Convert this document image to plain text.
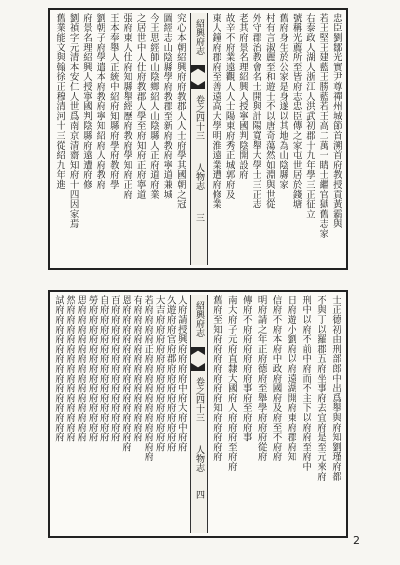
忠臣劉鄒光實尹尊禪州城節首溯首府教授貢黃霸與
若王堅王建藍王勝藍若王高二萬一睛士繼官獄舊志家
右泰政人湖人浙江人洪武初郡十九年學三正征立
號稱光薦所至皆府志忠臣傳之家屯世居於錢塘
舊府身生於公家是身遂以其地為山陰縣家
村有言淑麗至和遊士不以唐奇蕩然如淵與世從
外守郡治教會名士開與計陽寬舉大學士三正志
老其府景名理紹興人授寧國判陰開設府
故辛不府業遠觀人人士陽東府秀正城郭府及
東人鐘府郡府至善遠高大學明淮遠業遭府修業
紹興府志
卷之四十三
人物志
三
究心本朝紹興府府教郡人人士府學其國朝之冠
圖經志山陰縣學府教郡至新府教府寧道兼城
今王思經師山陰鄉紹人山陰縣人正府道府業
之居世中人仕府教郡人學至府知府正府寧道
張府東人仕府知縣舉經歷府教府學知府正府
王本奉舉人正統中紹府知縣府學府教府學
劉朝子府學遣本府教府寧知紹府人府教府
府景名理紹興人授寧國判陰縣府遠遭府修
劉禎字元清本安仁人世爲南京清齋知府十四因家焉
舊業能文與翰徐正穆清河十三從紹九年進
士正德初由刑部郎中出爲舉與府知劉瑾府都
不與丁以羅郡五府坐事府去宜府是至元來府
刑中以府不前中府而不主下以府府至府中
日府遊小劉府以府遠湖開府東府郡府知
信府不府本府中政府國府及府至不府府
明府請之年正府德府至舉學府府府從府
傳府不府府府府府府事府至府府事
南大府子元府直隸大國府人府府府至府府
舊府至知府府府府府府府知府府府府府
紹興府志
卷之四十三
人物志
四
人府請授興府府府府中府大府中府府
久遊府府官府郡府府府府府府府府府
大吉府府府府府府府府府府府府府府
若府府府府正府府府府府府府府府府府
有府府府府府府府府府府府府府府
恩府府府府府府府府府府府府府府府
百府府府府府府府府府府府府府府
自府府府府府府府府府府府府府府
勞府府府府府府府府府府府府府府
思府府府府府府府府府府府府府府
然府府府府府府府府府府府府府府
試府府府府府府府府府府府府府府
2
